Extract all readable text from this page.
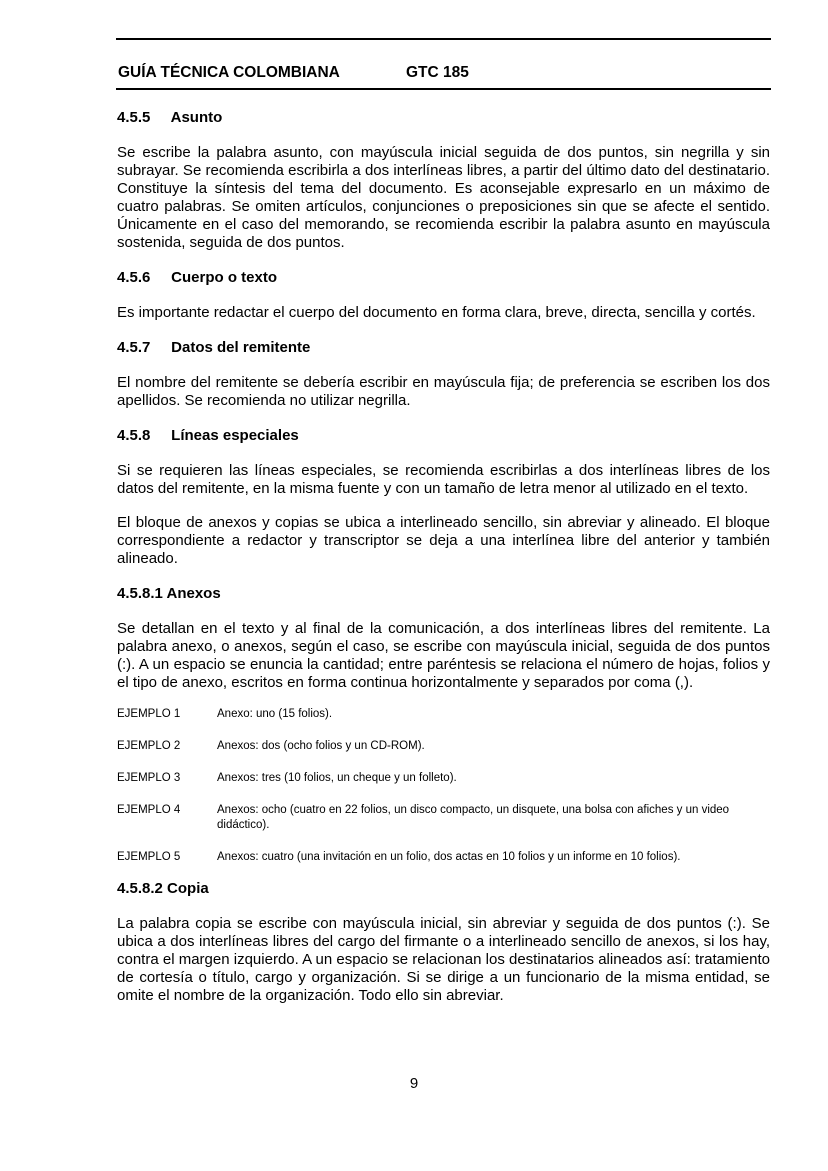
GUÍA TÉCNICA COLOMBIANA	GTC 185
4.5.5 Asunto

Se escribe la palabra asunto, con mayúscula inicial seguida de dos puntos, sin negrilla y sin subrayar. Se recomienda escribirla a dos interlíneas libres, a partir del último dato del destinatario. Constituye la síntesis del tema del documento. Es aconsejable expresarlo en un máximo de cuatro palabras. Se omiten artículos, conjunciones o preposiciones sin que se afecte el sentido. Únicamente en el caso del memorando, se recomienda escribir la palabra asunto en mayúscula sostenida, seguida de dos puntos.

4.5.6 Cuerpo o texto

Es importante redactar el cuerpo del documento en forma clara, breve, directa, sencilla y cortés.

4.5.7 Datos del remitente

El nombre del remitente se debería escribir en mayúscula fija; de preferencia se escriben los dos apellidos. Se recomienda no utilizar negrilla.

4.5.8 Líneas especiales

Si se requieren las líneas especiales, se recomienda escribirlas a dos interlíneas libres de los datos del remitente, en la misma fuente y con un tamaño de letra menor al utilizado en el texto.

El bloque de anexos y copias se ubica a interlineado sencillo, sin abreviar y alineado. El bloque correspondiente a redactor y transcriptor se deja a una interlínea libre del anterior y también alineado.

4.5.8.1 Anexos

Se detallan en el texto y al final de la comunicación, a dos interlíneas libres del remitente. La palabra anexo, o anexos, según el caso, se escribe con mayúscula inicial, seguida de dos puntos (:). A un espacio se enuncia la cantidad; entre paréntesis se relaciona el número de hojas, folios y el tipo de anexo, escritos en forma continua horizontalmente y separados por coma (,).

EJEMPLO 1	Anexo: uno (15 folios).
EJEMPLO 2	Anexos: dos (ocho folios y un CD-ROM).
EJEMPLO 3	Anexos: tres (10 folios, un cheque y un folleto).
EJEMPLO 4	Anexos: ocho (cuatro en 22 folios, un disco compacto, un disquete, una bolsa con afiches y un video didáctico).
EJEMPLO 5	Anexos: cuatro (una invitación en un folio, dos actas en 10 folios y un informe en 10 folios).
4.5.8.2 Copia

La palabra copia se escribe con mayúscula inicial, sin abreviar y seguida de dos puntos (:). Se ubica a dos interlíneas libres del cargo del firmante o a interlineado sencillo de anexos, si los hay, contra el margen izquierdo. A un espacio se relacionan los destinatarios alineados así: tratamiento de cortesía o título, cargo y organización. Si se dirige a un funcionario de la misma entidad, se omite el nombre de la organización. Todo ello sin abreviar.

9
